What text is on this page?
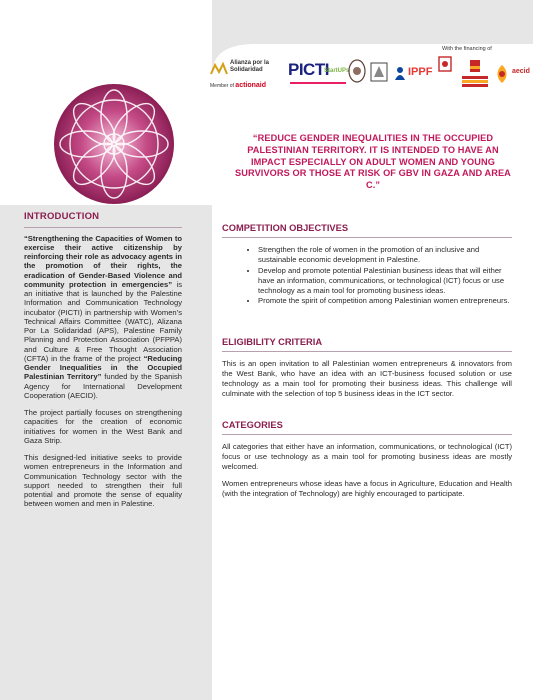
With the financing of
Alianza por la
Solidaridad
Member of actionaid
PICTI
StartUPs	IPPF	aecid
“REDUCE GENDER INEQUALITIES IN THE OCCUPIED PALESTINIAN TERRITORY. IT IS INTENDED TO HAVE AN IMPACT ESPECIALLY ON ADULT WOMEN AND YOUNG SURVIVORS OR THOSE AT RISK OF GBV IN GAZA AND AREA C.”
INTRODUCTION

“Strengthening the Capacities of Women to exercise their active citizenship by reinforcing their role as advocacy agents in the promotion of their rights, the eradication of Gender-Based Violence and community protection in emergencies” is an initiative that is launched by the Palestine Information and Communication Technology incubator (PICTI) in partnership with Women’s Technical Affairs Committee (WATC), Alizana Por La Solidaridad (APS), Palestine Family Planning and Protection Association (PFPPA) and Culture & Free Thought Association (CFTA) in the frame of the project “Reducing Gender Inequalities in the Occupied Palestinian Territory” funded by the Spanish Agency for International Development Cooperation (AECID).

The project partially focuses on strengthening capacities for the creation of economic initiatives for women in the West Bank and Gaza Strip.

This designed-led initiative seeks to provide women entrepreneurs in the Information and Communication Technology sector with the support needed to strengthen their full potential and promote the sense of equality between women and men in Palestine.

COMPETITION OBJECTIVES
• Strengthen the role of women in the promotion of an inclusive and sustainable economic development in Palestine.
• Develop and promote potential Palestinian business ideas that will either have an information, communications, or technological (ICT) focus or use technology as a main tool for promoting business ideas.
• Promote the spirit of competition among Palestinian women entrepreneurs.
ELIGIBILITY CRITERIA

This is an open invitation to all Palestinian women entrepreneurs & innovators from the West Bank, who have an idea with an ICT-business focused solution or use technology as a main tool for promoting their business ideas. This challenge will culminate with the selection of top 5 business ideas in the ICT sector.

CATEGORIES

All categories that either have an information, communications, or technological (ICT) focus or use technology as a main tool for promoting business ideas are mostly welcomed.

Women entrepreneurs whose ideas have a focus in Agriculture, Education and Health (with the integration of Technology) are highly encouraged to participate.
